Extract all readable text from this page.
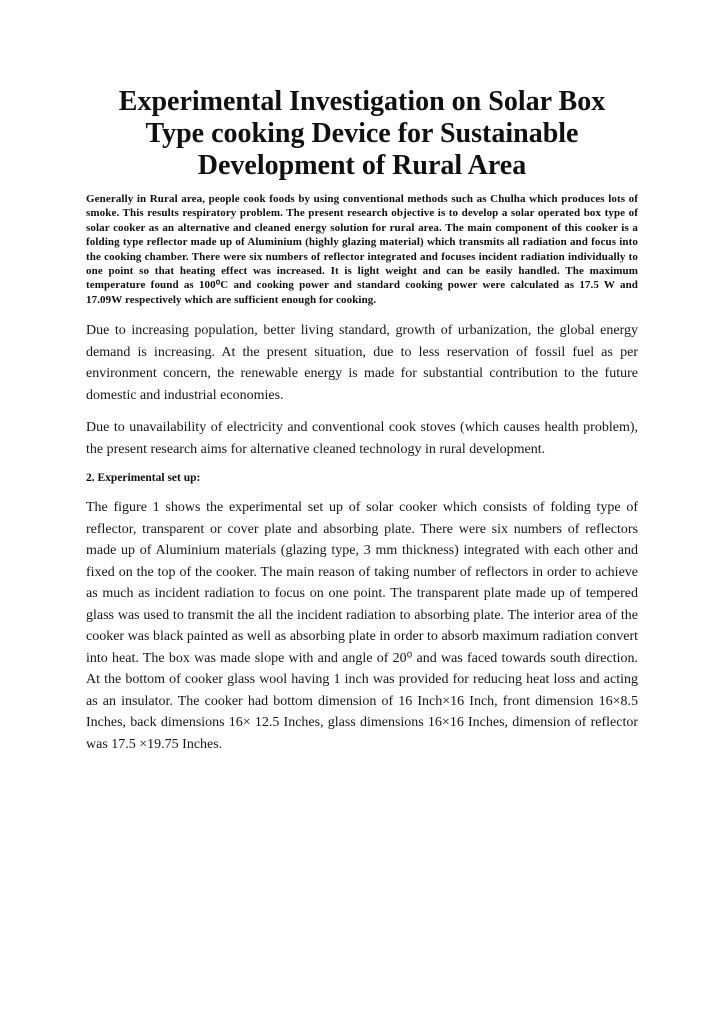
Experimental Investigation on Solar Box
Type cooking Device for Sustainable
Development of Rural Area

Generally in Rural area, people cook foods by using conventional methods such as Chulha which produces lots of smoke. This results respiratory problem. The present research objective is to develop a solar operated box type of solar cooker as an alternative and cleaned energy solution for rural area. The main component of this cooker is a folding type reflector made up of Aluminium (highly glazing material) which transmits all radiation and focus into the cooking chamber. There were six numbers of reflector integrated and focuses incident radiation individually to one point so that heating effect was increased. It is light weight and can be easily handled. The maximum temperature found as 100⁰C and cooking power and standard cooking power were calculated as 17.5 W and 17.09W respectively which are sufficient enough for cooking.

Due to increasing population, better living standard, growth of urbanization, the global energy demand is increasing. At the present situation, due to less reservation of fossil fuel as per environment concern, the renewable energy is made for substantial contribution to the future domestic and industrial economies.

Due to unavailability of electricity and conventional cook stoves (which causes health problem), the present research aims for alternative cleaned technology in rural development.

2. Experimental set up:

The figure 1 shows the experimental set up of solar cooker which consists of folding type of reflector, transparent or cover plate and absorbing plate. There were six numbers of reflectors made up of Aluminium materials (glazing type, 3 mm thickness) integrated with each other and fixed on the top of the cooker. The main reason of taking number of reflectors in order to achieve as much as incident radiation to focus on one point. The transparent plate made up of tempered glass was used to transmit the all the incident radiation to absorbing plate. The interior area of the cooker was black painted as well as absorbing plate in order to absorb maximum radiation convert into heat. The box was made slope with and angle of 20⁰ and was faced towards south direction. At the bottom of cooker glass wool having 1 inch was provided for reducing heat loss and acting as an insulator. The cooker had bottom dimension of 16 Inch×16 Inch, front dimension 16×8.5 Inches, back dimensions 16× 12.5 Inches, glass dimensions 16×16 Inches, dimension of reflector was 17.5 ×19.75 Inches.
